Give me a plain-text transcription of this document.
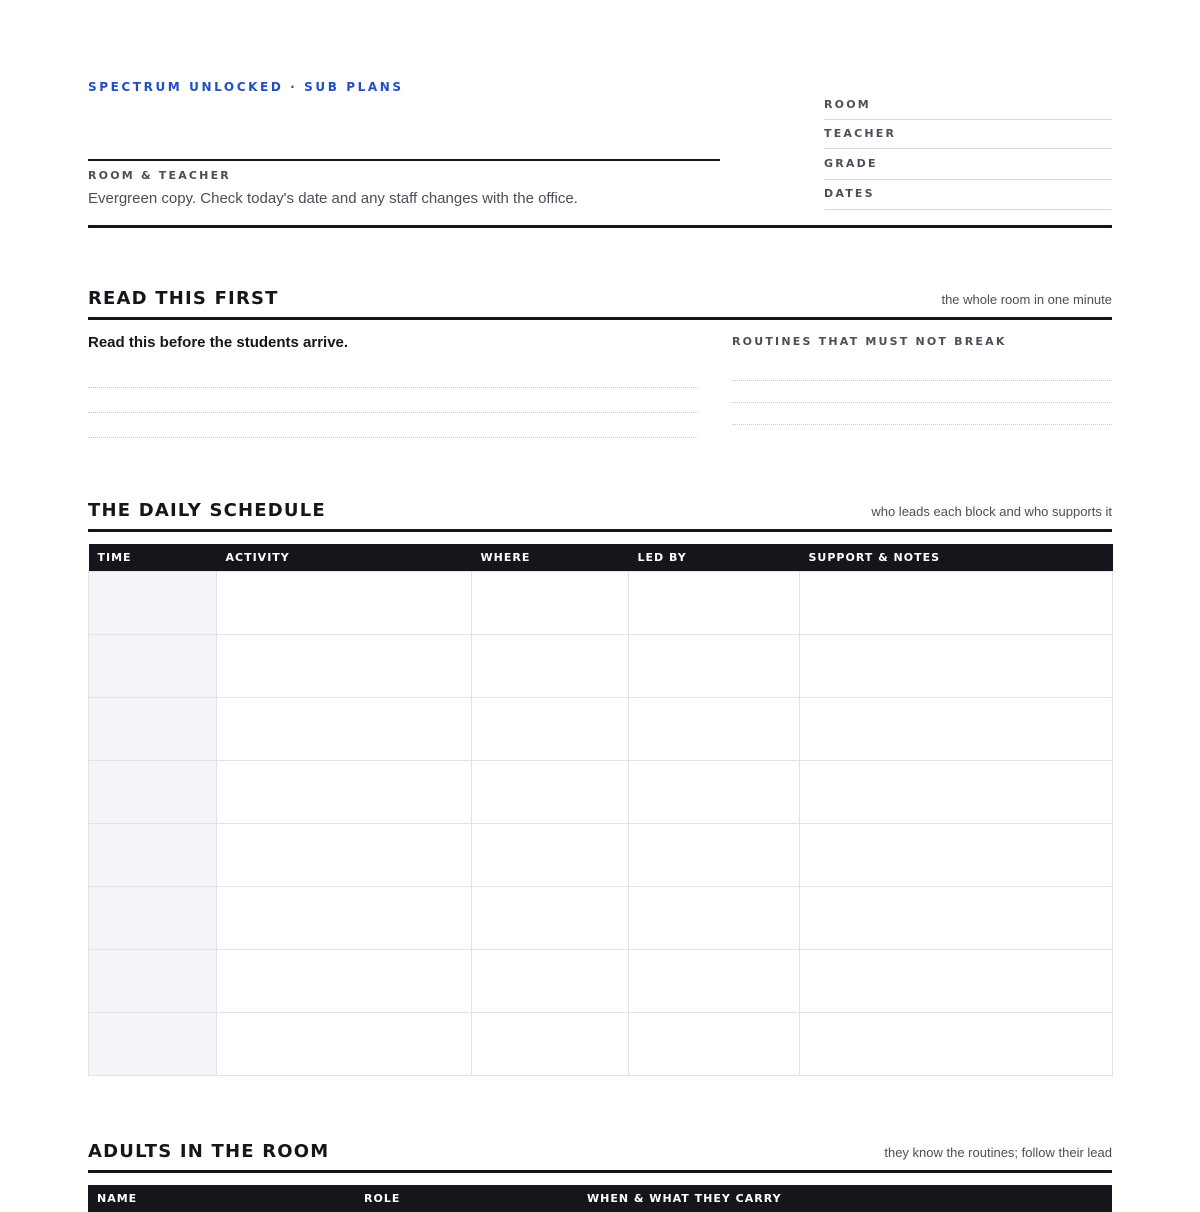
SPECTRUM UNLOCKED · SUB PLANS
ROOM & TEACHER
Evergreen copy. Check today's date and any staff changes with the office.
ROOM
TEACHER
GRADE
DATES
READ THIS FIRST	the whole room in one minute
Read this before the students arrive.	ROUTINES THAT MUST NOT BREAK
THE DAILY SCHEDULE	who leads each block and who supports it
TIME	ACTIVITY	WHERE	LED BY	SUPPORT & NOTES

ADULTS IN THE ROOM	they know the routines; follow their lead
NAME	ROLE	WHEN & WHAT THEY CARRY
